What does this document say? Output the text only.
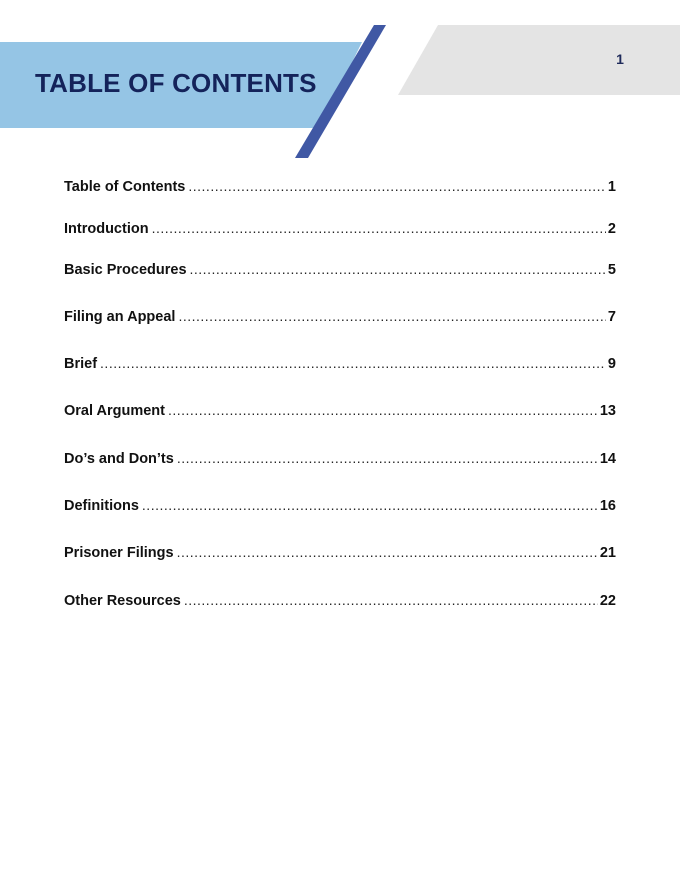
TABLE OF CONTENTS
1
Table of Contents .....	1
Introduction .....	2
Basic Procedures .....	5
Filing an Appeal .....	7
Brief .....	9
Oral Argument .....	13
Do’s and Don’ts .....	14
Definitions .....	16
Prisoner Filings .....	21
Other Resources .....	22
